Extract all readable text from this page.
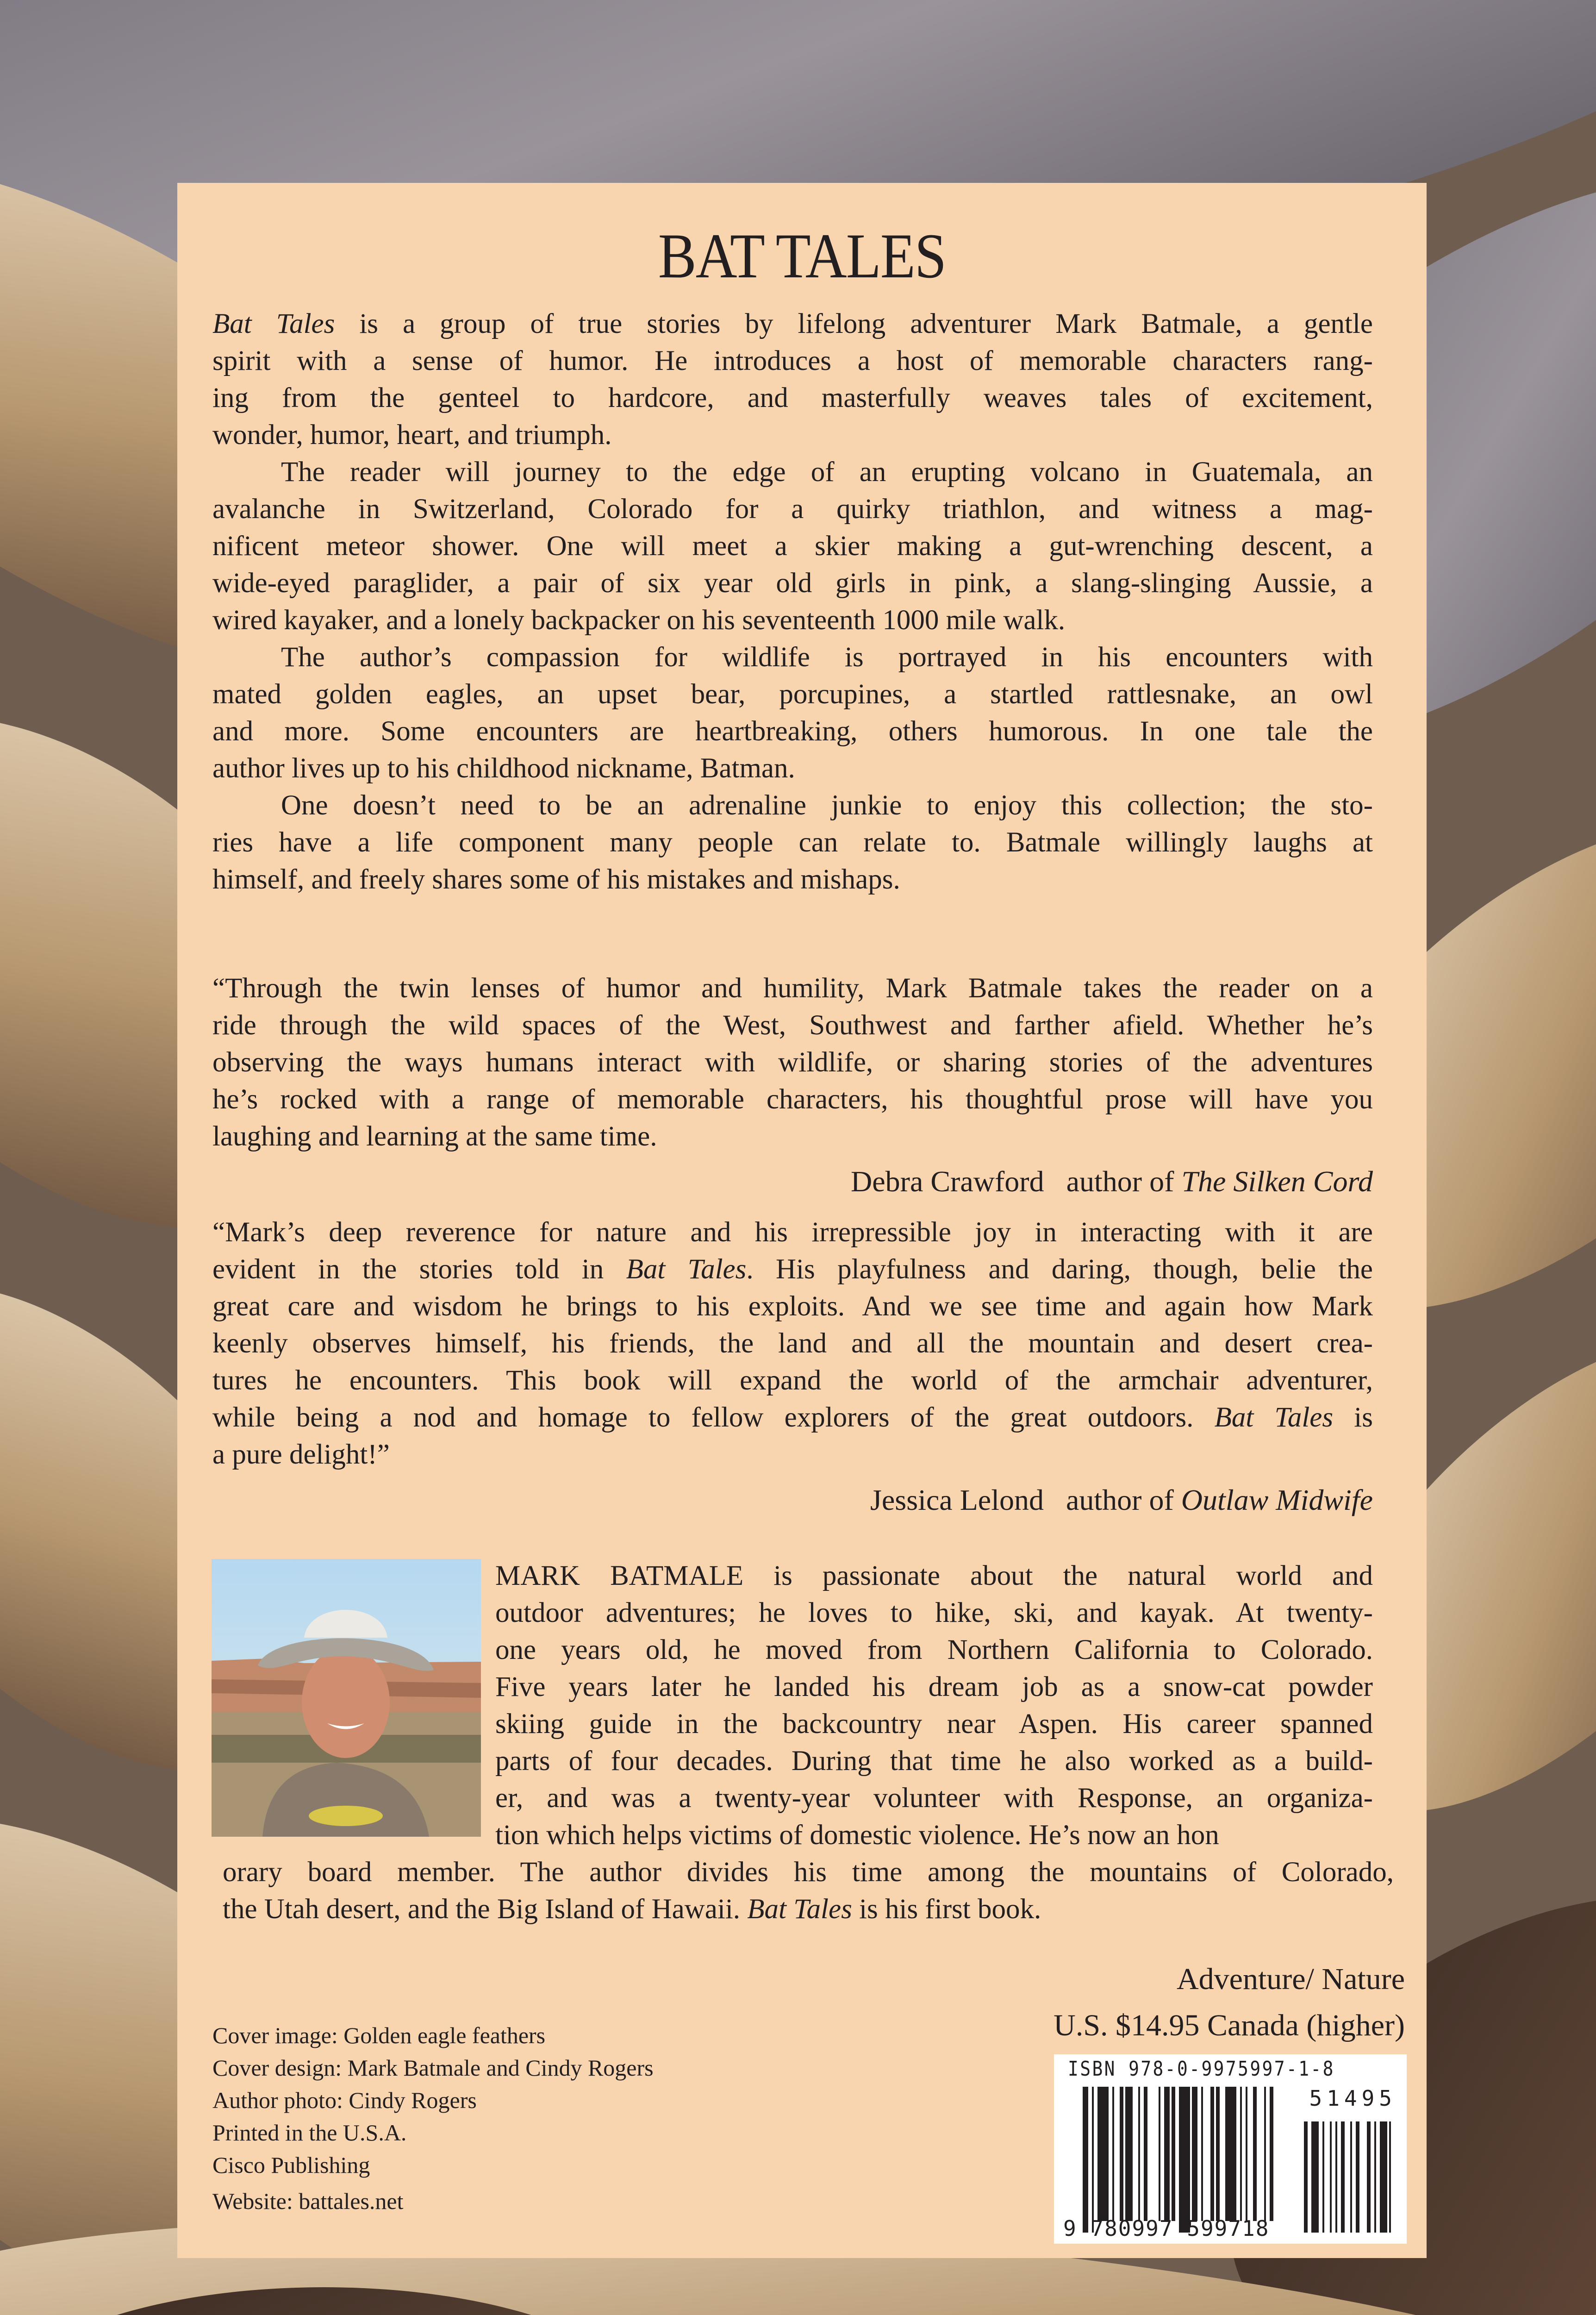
BAT TALES
Bat Tales is a group of true stories by lifelong adventurer Mark Batmale, a gentle
spirit with a sense of humor. He introduces a host of memorable characters rang-
ing from the genteel to hardcore, and masterfully weaves tales of excitement,
wonder, humor, heart, and triumph.
The reader will journey to the edge of an erupting volcano in Guatemala, an
avalanche in Switzerland, Colorado for a quirky triathlon, and witness a mag-
nificent meteor shower. One will meet a skier making a gut-wrenching descent, a
wide-eyed paraglider, a pair of six year old girls in pink, a slang-slinging Aussie, a
wired kayaker, and a lonely backpacker on his seventeenth 1000 mile walk.
The author’s compassion for wildlife is portrayed in his encounters with
mated golden eagles, an upset bear, porcupines, a startled rattlesnake, an owl
and more. Some encounters are heartbreaking, others humorous. In one tale the
author lives up to his childhood nickname, Batman.
One doesn’t need to be an adrenaline junkie to enjoy this collection; the sto-
ries have a life component many people can relate to. Batmale willingly laughs at
himself, and freely shares some of his mistakes and mishaps.
“Through the twin lenses of humor and humility, Mark Batmale takes the reader on a
ride through the wild spaces of the West, Southwest and farther afield. Whether he’s
observing the ways humans interact with wildlife, or sharing stories of the adventures
he’s rocked with a range of memorable characters, his thoughtful prose will have you
laughing and learning at the same time.
Debra Crawford author of The Silken Cord
“Mark’s deep reverence for nature and his irrepressible joy in interacting with it are
evident in the stories told in Bat Tales. His playfulness and daring, though, belie the
great care and wisdom he brings to his exploits. And we see time and again how Mark
keenly observes himself, his friends, the land and all the mountain and desert crea-
tures he encounters. This book will expand the world of the armchair adventurer,
while being a nod and homage to fellow explorers of the great outdoors. Bat Tales is
a pure delight!”
Jessica Lelond author of Outlaw Midwife
MARK BATMALE is passionate about the natural world and
outdoor adventures; he loves to hike, ski, and kayak. At twenty-
one years old, he moved from Northern California to Colorado.
Five years later he landed his dream job as a snow-cat powder
skiing guide in the backcountry near Aspen. His career spanned
parts of four decades. During that time he also worked as a build-
er, and was a twenty-year volunteer with Response, an organiza-
tion which helps victims of domestic violence. He’s now an hon
orary board member. The author divides his time among the mountains of Colorado,
the Utah desert, and the Big Island of Hawaii. Bat Tales is his first book.
Adventure/ Nature
U.S. $14.95 Canada (higher)
Cover image: Golden eagle feathers
Cover design: Mark Batmale and Cindy Rogers
Author photo: Cindy Rogers
Printed in the U.S.A.
Cisco Publishing
Website: battales.net
ISBN 978-0-9975997-1-8
51495
9 780997 599718
